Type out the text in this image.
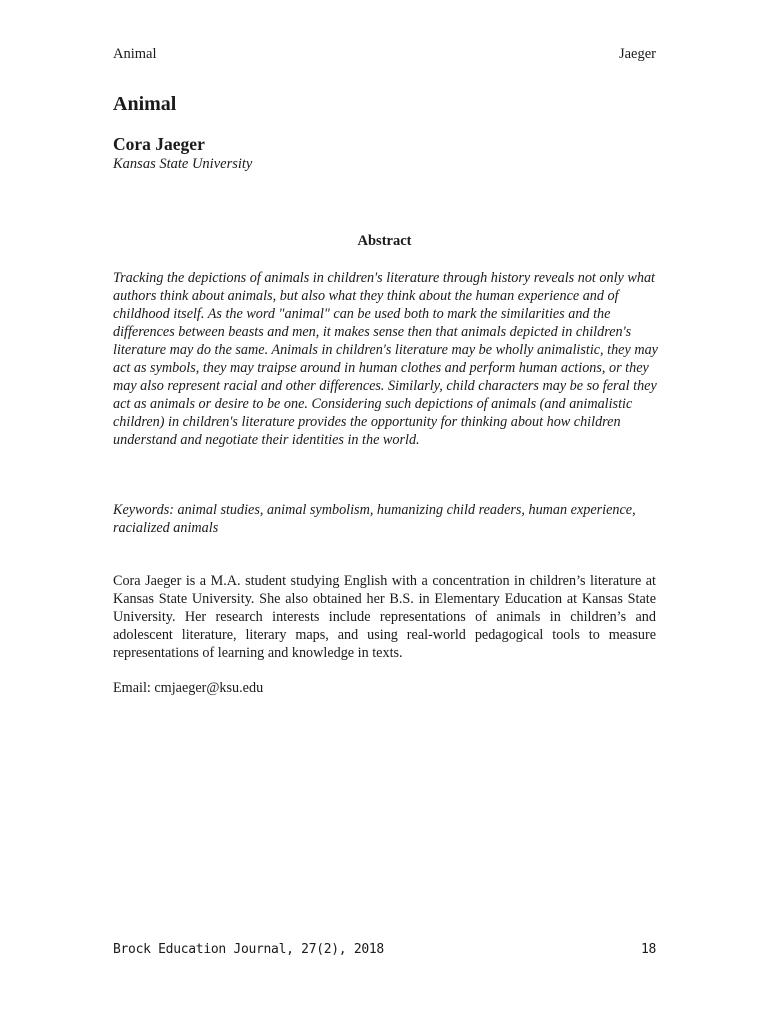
Animal	Jaeger
Animal
Cora Jaeger
Kansas State University
Abstract

Tracking the depictions of animals in children's literature through history reveals not only what authors think about animals, but also what they think about the human experience and of childhood itself. As the word "animal" can be used both to mark the similarities and the differences between beasts and men, it makes sense then that animals depicted in children's literature may do the same. Animals in children's literature may be wholly animalistic, they may act as symbols, they may traipse around in human clothes and perform human actions, or they may also represent racial and other differences. Similarly, child characters may be so feral they act as animals or desire to be one. Considering such depictions of animals (and animalistic children) in children's literature provides the opportunity for thinking about how children understand and negotiate their identities in the world.

Keywords: animal studies, animal symbolism, humanizing child readers, human experience, racialized animals

Cora Jaeger is a M.A. student studying English with a concentration in children’s literature at Kansas State University. She also obtained her B.S. in Elementary Education at Kansas State University. Her research interests include representations of animals in children’s and adolescent literature, literary maps, and using real-world pedagogical tools to measure representations of learning and knowledge in texts.

Email: cmjaeger@ksu.edu
Brock Education Journal, 27(2), 2018	18
